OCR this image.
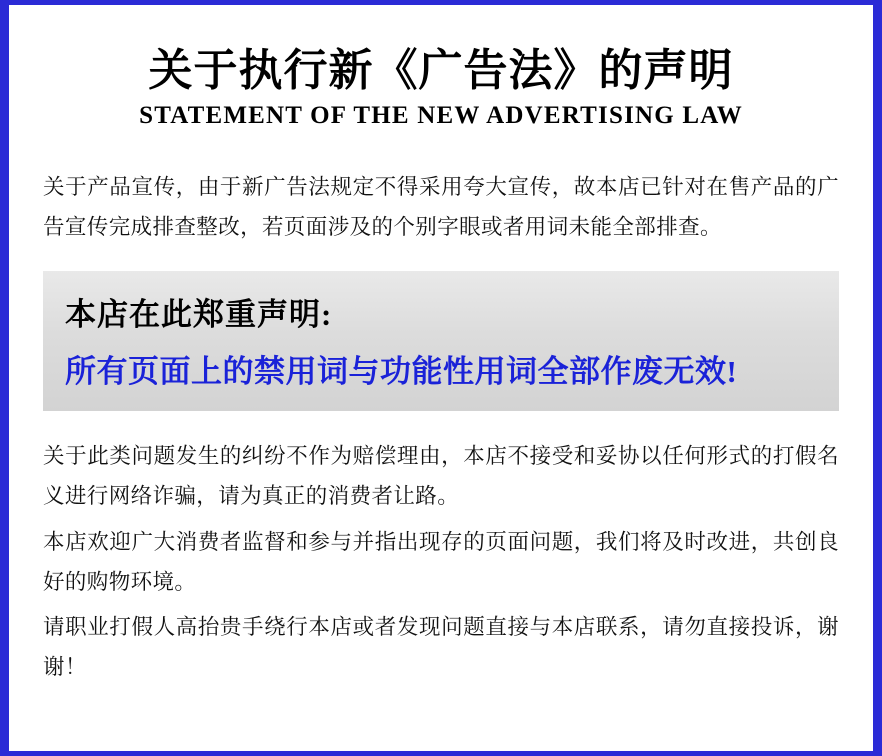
关于执行新《广告法》的声明
STATEMENT OF THE NEW ADVERTISING LAW

关于产品宣传，由于新广告法规定不得采用夸大宣传，故本店已针对在售产品的广告宣传完成排查整改，若页面涉及的个别字眼或者用词未能全部排查。

本店在此郑重声明:
所有页面上的禁用词与功能性用词全部作废无效!

关于此类问题发生的纠纷不作为赔偿理由，本店不接受和妥协以任何形式的打假名义进行网络诈骗，请为真正的消费者让路。

本店欢迎广大消费者监督和参与并指出现存的页面问题，我们将及时改进，共创良好的购物环境。

请职业打假人高抬贵手绕行本店或者发现问题直接与本店联系，请勿直接投诉，谢谢！
